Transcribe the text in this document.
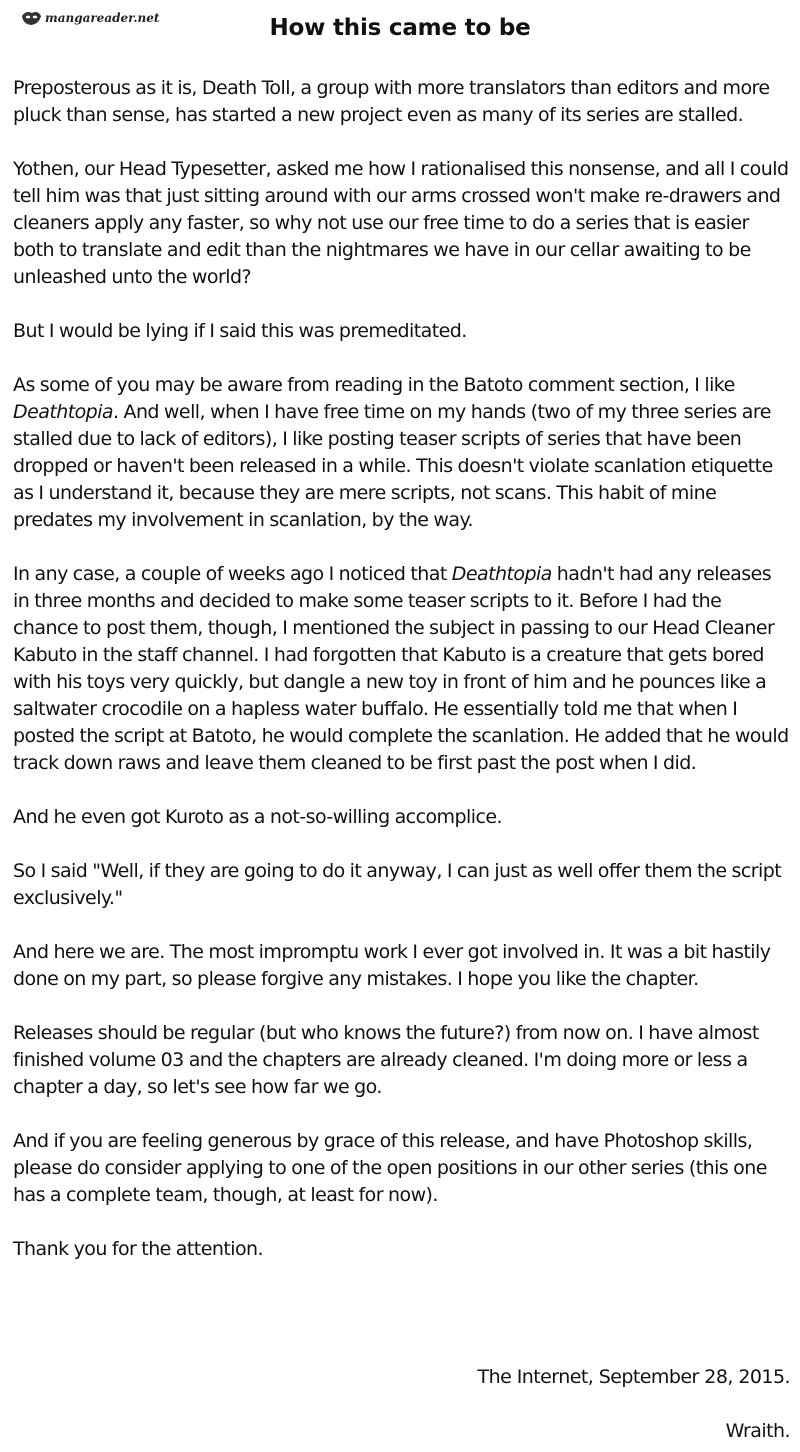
mangareader.net	How this came to be

Preposterous as it is, Death Toll, a group with more translators than editors and more pluck than sense, has started a new project even as many of its series are stalled.

Yothen, our Head Typesetter, asked me how I rationalised this nonsense, and all I could tell him was that just sitting around with our arms crossed won't make re-drawers and cleaners apply any faster, so why not use our free time to do a series that is easier both to translate and edit than the nightmares we have in our cellar awaiting to be unleashed unto the world?

But I would be lying if I said this was premeditated.

As some of you may be aware from reading in the Batoto comment section, I like Deathtopia. And well, when I have free time on my hands (two of my three series are stalled due to lack of editors), I like posting teaser scripts of series that have been dropped or haven't been released in a while. This doesn't violate scanlation etiquette as I understand it, because they are mere scripts, not scans. This habit of mine predates my involvement in scanlation, by the way.

In any case, a couple of weeks ago I noticed that Deathtopia hadn't had any releases in three months and decided to make some teaser scripts to it. Before I had the chance to post them, though, I mentioned the subject in passing to our Head Cleaner Kabuto in the staff channel. I had forgotten that Kabuto is a creature that gets bored with his toys very quickly, but dangle a new toy in front of him and he pounces like a saltwater crocodile on a hapless water buffalo. He essentially told me that when I posted the script at Batoto, he would complete the scanlation. He added that he would track down raws and leave them cleaned to be first past the post when I did.

And he even got Kuroto as a not-so-willing accomplice.

So I said "Well, if they are going to do it anyway, I can just as well offer them the script exclusively."

And here we are. The most impromptu work I ever got involved in. It was a bit hastily done on my part, so please forgive any mistakes. I hope you like the chapter.

Releases should be regular (but who knows the future?) from now on. I have almost finished volume 03 and the chapters are already cleaned. I'm doing more or less a chapter a day, so let's see how far we go.

And if you are feeling generous by grace of this release, and have Photoshop skills, please do consider applying to one of the open positions in our other series (this one has a complete team, though, at least for now).

Thank you for the attention.

The Internet, September 28, 2015.

Wraith.
